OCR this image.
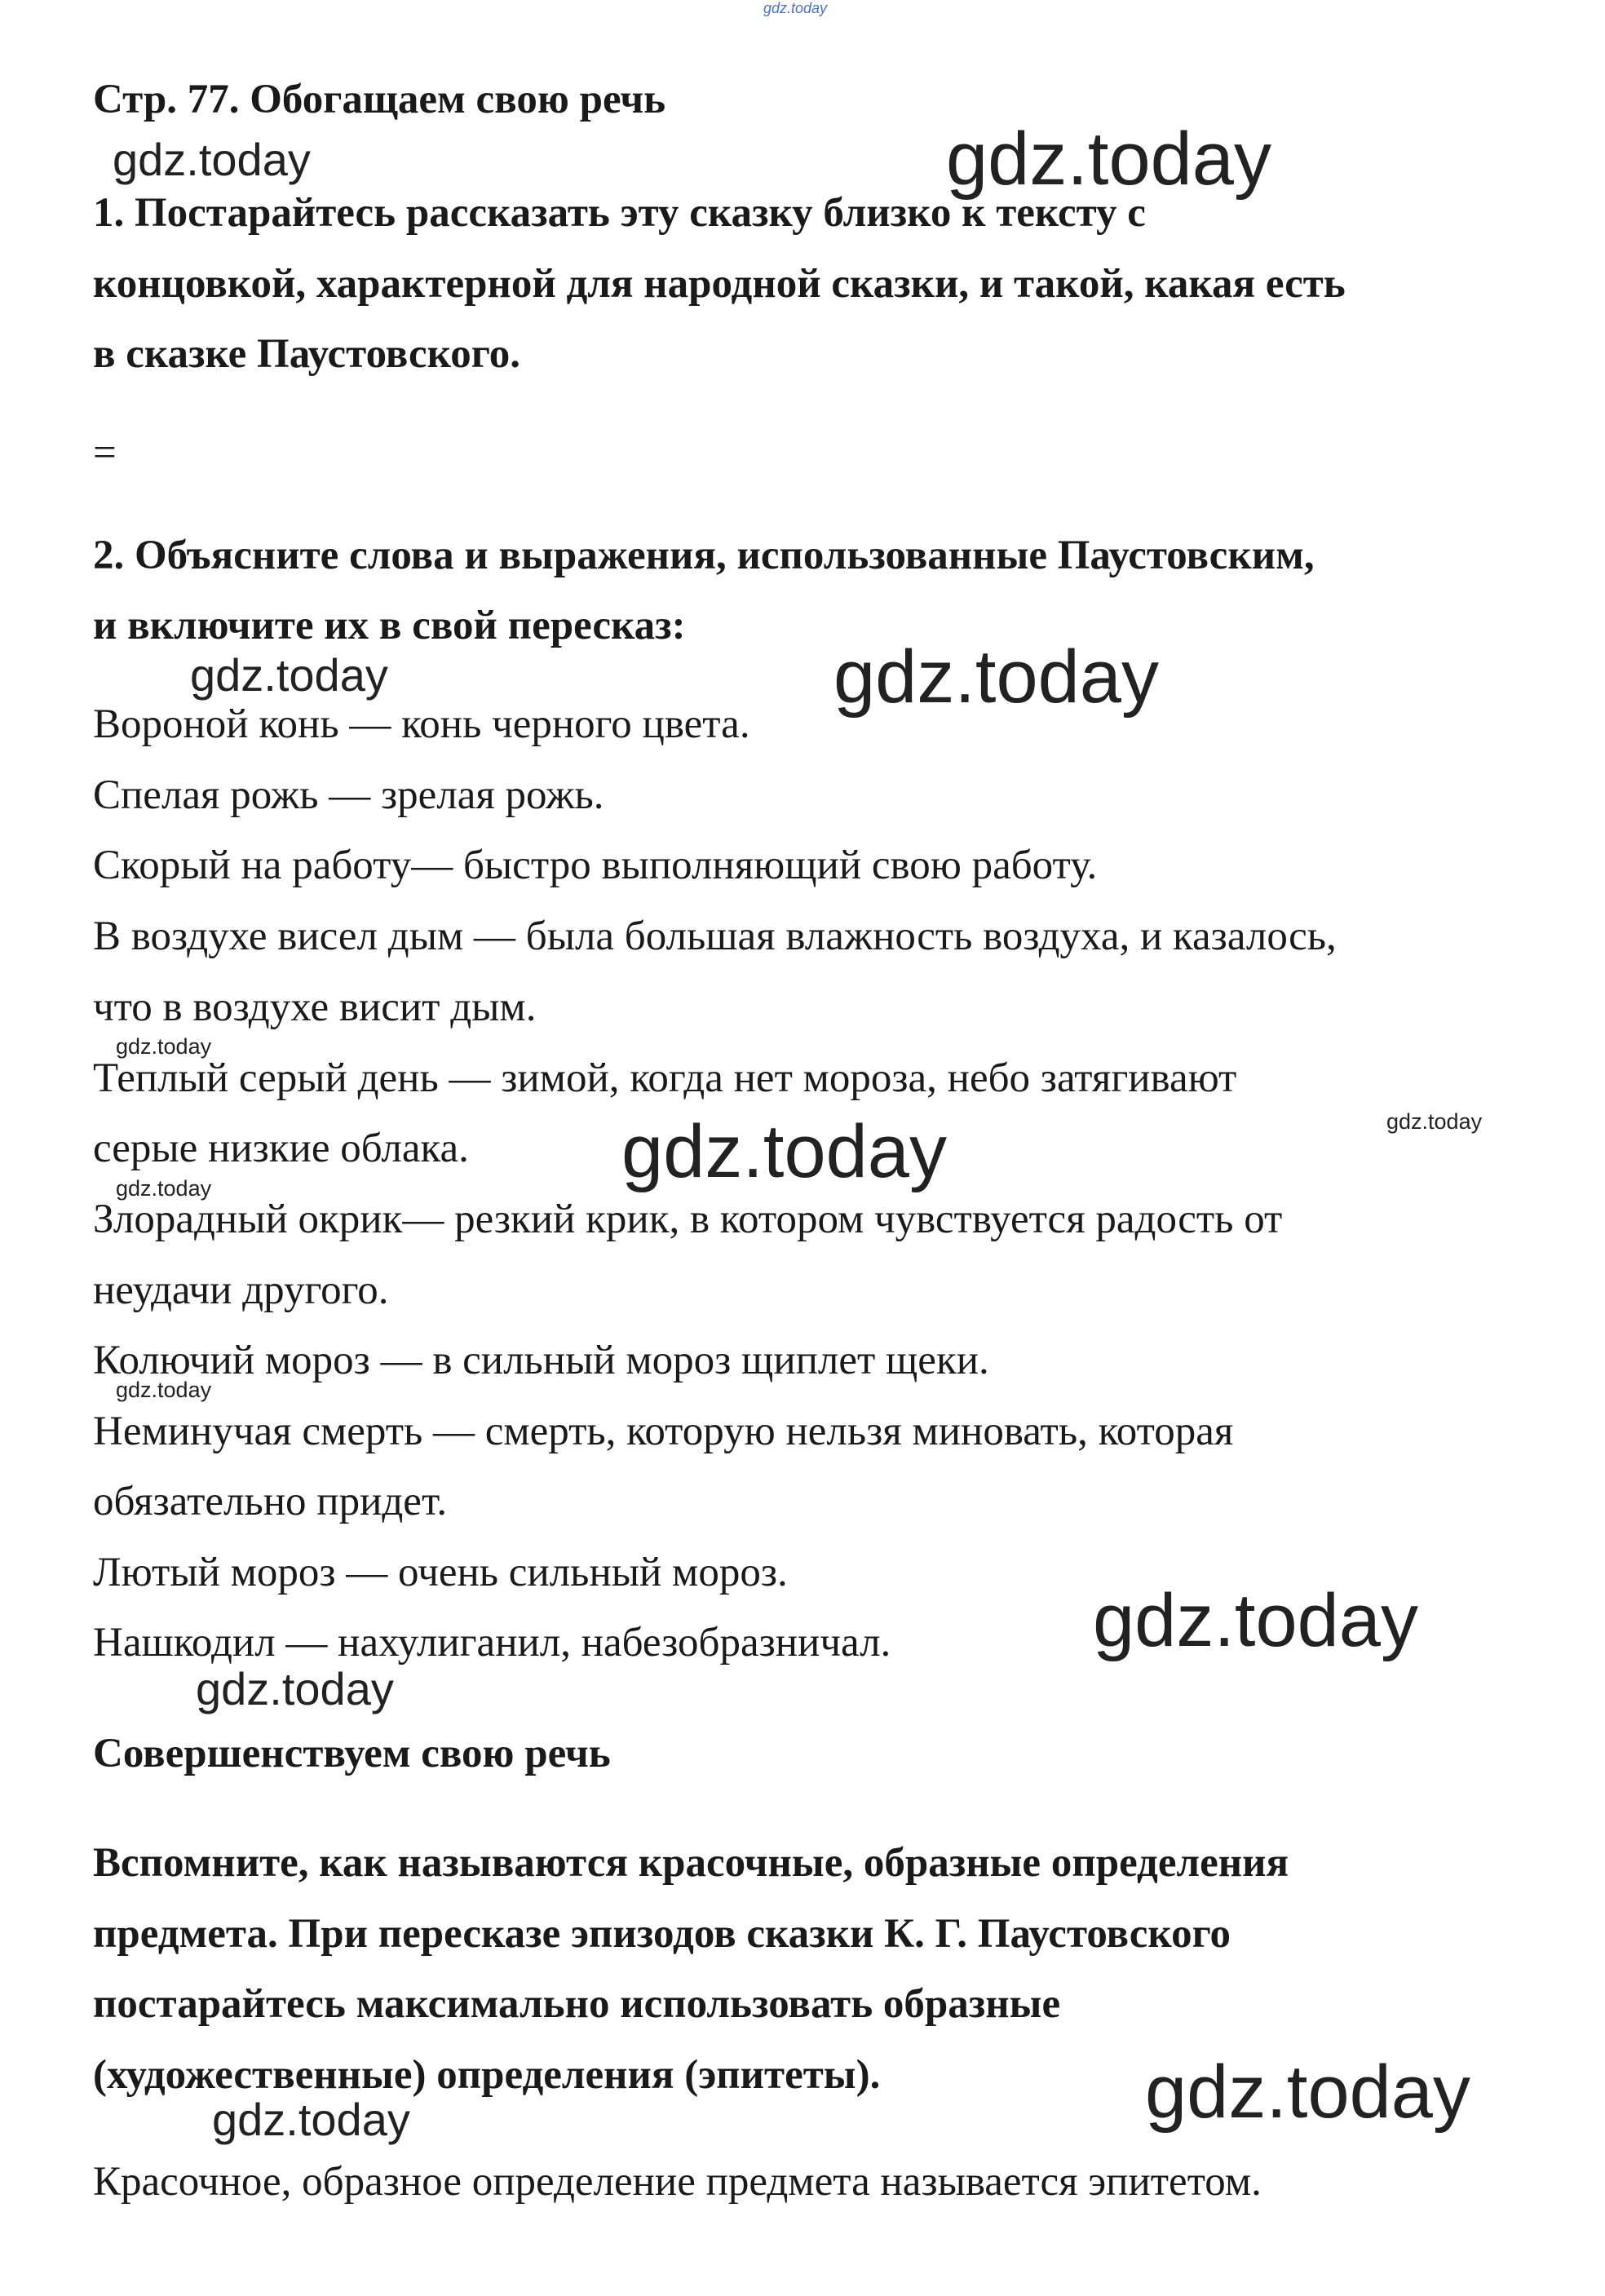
gdz.today
Стр. 77. Обогащаем свою речь
gdz.today	gdz.today
1. Постарайтесь рассказать эту сказку близко к тексту с
концовкой, характерной для народной сказки, и такой, какая есть
в сказке Паустовского.
=
2. Объясните слова и выражения, использованные Паустовским,
и включите их в свой пересказ:
gdz.today	gdz.today
Вороной конь — конь черного цвета.
Спелая рожь — зрелая рожь.
Скорый на работу— быстро выполняющий свою работу.
В воздухе висел дым — была большая влажность воздуха, и казалось,
что в воздухе висит дым.
gdz.today
Теплый серый день — зимой, когда нет мороза, небо затягивают
gdz.today
gdz.today
серые низкие облака.
gdz.today
Злорадный окрик— резкий крик, в котором чувствуется радость от
неудачи другого.
Колючий мороз — в сильный мороз щиплет щеки.
gdz.today
Неминучая смерть — смерть, которую нельзя миновать, которая
обязательно придет.
Лютый мороз — очень сильный мороз.
gdz.today
Нашкодил — нахулиганил, набезобразничал.
gdz.today
Совершенствуем свою речь
Вспомните, как называются красочные, образные определения
предмета. При пересказе эпизодов сказки К. Г. Паустовского
постарайтесь максимально использовать образные
(художественные) определения (эпитеты).	gdz.today
gdz.today
Красочное, образное определение предмета называется эпитетом.
